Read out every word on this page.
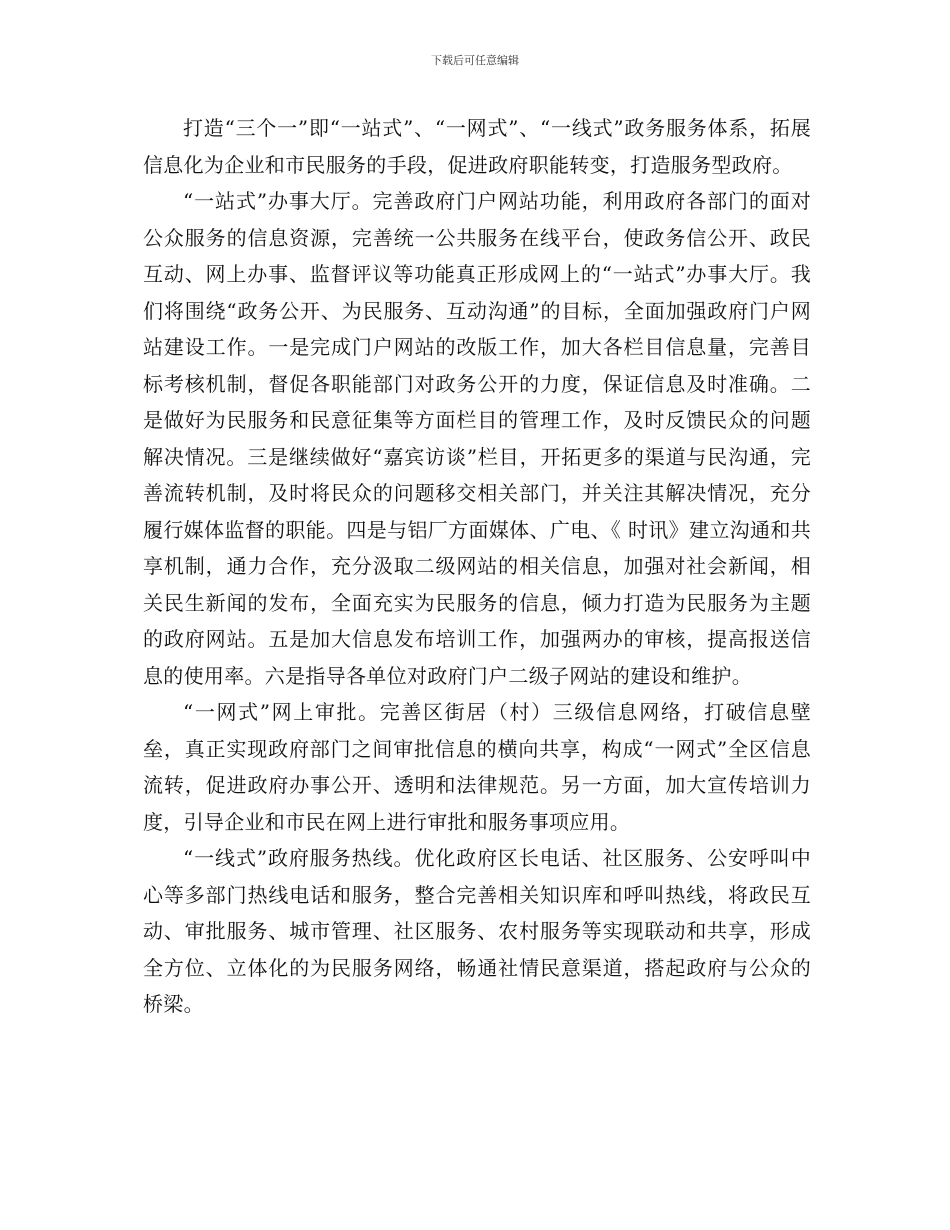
下载后可任意编辑

打造“三个一”即“一站式”、“一网式”、“一线式”政务服务体系，拓展信息化为企业和市民服务的手段，促进政府职能转变，打造服务型政府。

“一站式”办事大厅。完善政府门户网站功能，利用政府各部门的面对公众服务的信息资源，完善统一公共服务在线平台，使政务信公开、政民互动、网上办事、监督评议等功能真正形成网上的“一站式”办事大厅。我们将围绕“政务公开、为民服务、互动沟通”的目标，全面加强政府门户网站建设工作。一是完成门户网站的改版工作，加大各栏目信息量，完善目标考核机制，督促各职能部门对政务公开的力度，保证信息及时准确。二是做好为民服务和民意征集等方面栏目的管理工作，及时反馈民众的问题解决情况。三是继续做好“嘉宾访谈”栏目，开拓更多的渠道与民沟通，完善流转机制，及时将民众的问题移交相关部门，并关注其解决情况，充分履行媒体监督的职能。四是与铝厂方面媒体、广电、《 时讯》建立沟通和共享机制，通力合作，充分汲取二级网站的相关信息，加强对社会新闻，相关民生新闻的发布，全面充实为民服务的信息，倾力打造为民服务为主题的政府网站。五是加大信息发布培训工作，加强两办的审核，提高报送信息的使用率。六是指导各单位对政府门户二级子网站的建设和维护。

“一网式”网上审批。完善区街居（村）三级信息网络，打破信息壁垒，真正实现政府部门之间审批信息的横向共享，构成“一网式”全区信息流转，促进政府办事公开、透明和法律规范。另一方面，加大宣传培训力度，引导企业和市民在网上进行审批和服务事项应用。

“一线式”政府服务热线。优化政府区长电话、社区服务、公安呼叫中心等多部门热线电话和服务，整合完善相关知识库和呼叫热线，将政民互动、审批服务、城市管理、社区服务、农村服务等实现联动和共享，形成全方位、立体化的为民服务网络，畅通社情民意渠道，搭起政府与公众的桥梁。
